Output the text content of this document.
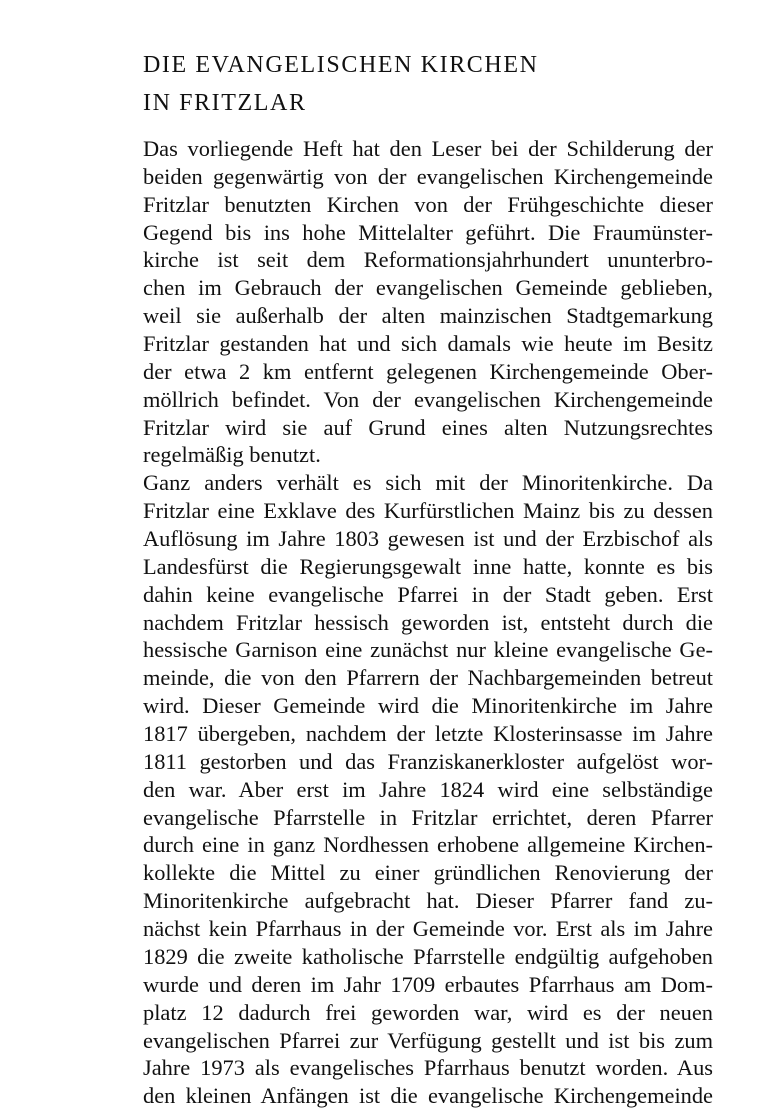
DIE EVANGELISCHEN KIRCHEN
IN FRITZLAR
Das vorliegende Heft hat den Leser bei der Schilderung der
beiden gegenwärtig von der evangelischen Kirchengemeinde
Fritzlar benutzten Kirchen von der Frühgeschichte dieser
Gegend bis ins hohe Mittelalter geführt. Die Fraumünster-
kirche ist seit dem Reformationsjahrhundert ununterbro-
chen im Gebrauch der evangelischen Gemeinde geblieben,
weil sie außerhalb der alten mainzischen Stadtgemarkung
Fritzlar gestanden hat und sich damals wie heute im Besitz
der etwa 2 km entfernt gelegenen Kirchengemeinde Ober-
möllrich befindet. Von der evangelischen Kirchengemeinde
Fritzlar wird sie auf Grund eines alten Nutzungsrechtes
regelmäßig benutzt.
Ganz anders verhält es sich mit der Minoritenkirche. Da
Fritzlar eine Exklave des Kurfürstlichen Mainz bis zu dessen
Auflösung im Jahre 1803 gewesen ist und der Erzbischof als
Landesfürst die Regierungsgewalt inne hatte, konnte es bis
dahin keine evangelische Pfarrei in der Stadt geben. Erst
nachdem Fritzlar hessisch geworden ist, entsteht durch die
hessische Garnison eine zunächst nur kleine evangelische Ge-
meinde, die von den Pfarrern der Nachbargemeinden betreut
wird. Dieser Gemeinde wird die Minoritenkirche im Jahre
1817 übergeben, nachdem der letzte Klosterinsasse im Jahre
1811 gestorben und das Franziskanerkloster aufgelöst wor-
den war. Aber erst im Jahre 1824 wird eine selbständige
evangelische Pfarrstelle in Fritzlar errichtet, deren Pfarrer
durch eine in ganz Nordhessen erhobene allgemeine Kirchen-
kollekte die Mittel zu einer gründlichen Renovierung der
Minoritenkirche aufgebracht hat. Dieser Pfarrer fand zu-
nächst kein Pfarrhaus in der Gemeinde vor. Erst als im Jahre
1829 die zweite katholische Pfarrstelle endgültig aufgehoben
wurde und deren im Jahr 1709 erbautes Pfarrhaus am Dom-
platz 12 dadurch frei geworden war, wird es der neuen
evangelischen Pfarrei zur Verfügung gestellt und ist bis zum
Jahre 1973 als evangelisches Pfarrhaus benutzt worden. Aus
den kleinen Anfängen ist die evangelische Kirchengemeinde
